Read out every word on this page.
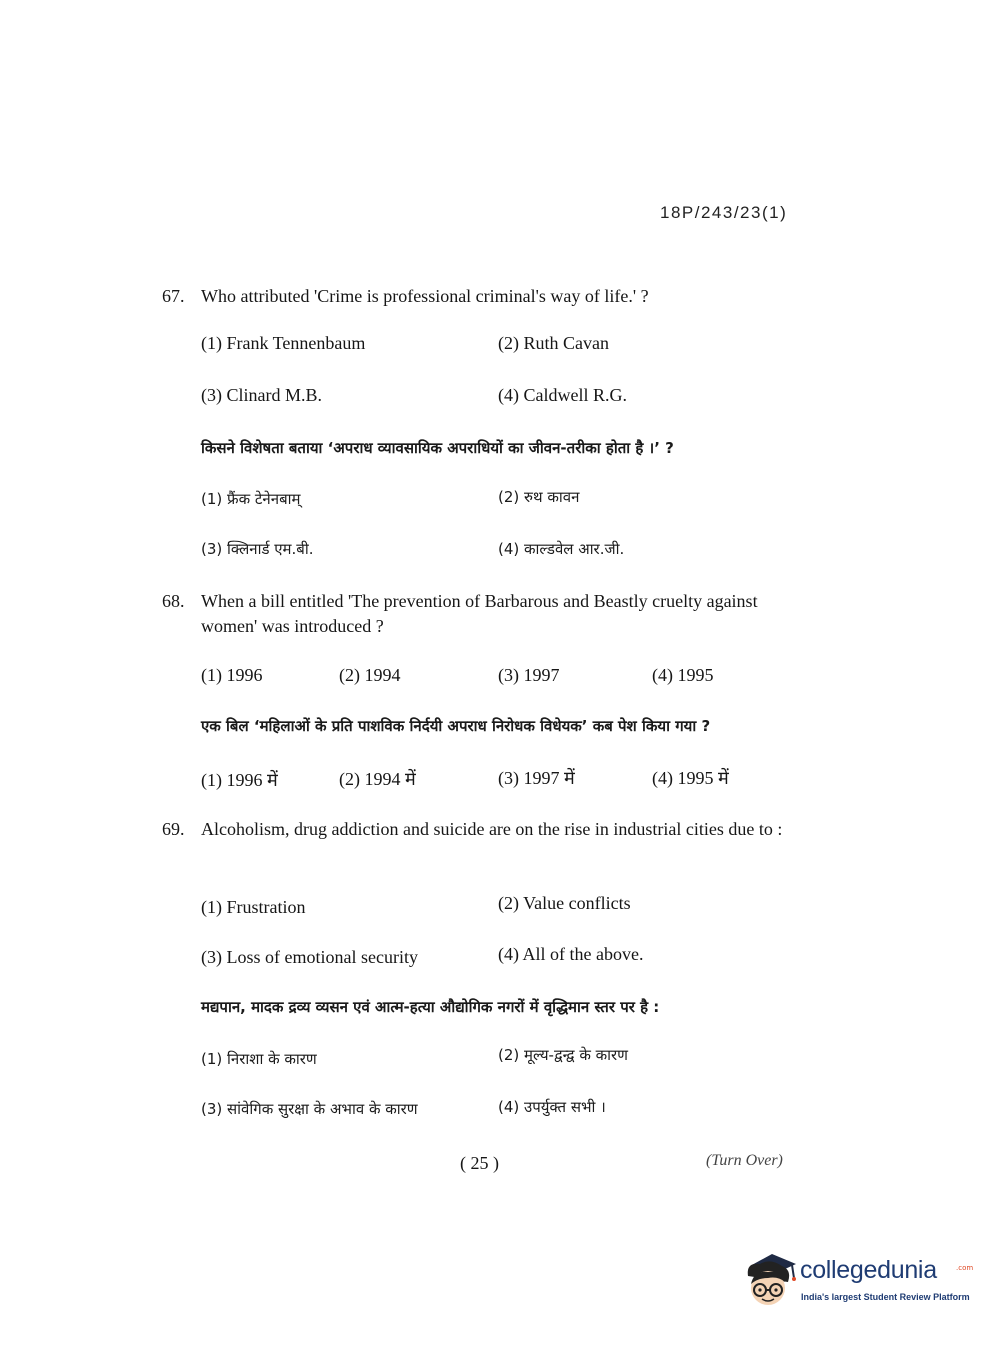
18P/243/23(1)
67. Who attributed 'Crime is professional criminal's way of life.' ?
(1) Frank Tennenbaum	(2) Ruth Cavan
(3) Clinard M.B.	(4) Caldwell R.G.
किसने विशेषता बताया ‘अपराध व्यावसायिक अपराधियों का जीवन-तरीका होता है ।’ ?
(1) फ्रैंक टेनेनबाम्	(2) रुथ कावन
(3) क्लिनार्ड एम.बी.	(4) काल्डवेल आर.जी.
68. When a bill entitled 'The prevention of Barbarous and Beastly cruelty against women' was introduced ?
(1) 1996	(2) 1994	(3) 1997	(4) 1995
एक बिल ‘महिलाओं के प्रति पाशविक निर्दयी अपराध निरोधक विधेयक’ कब पेश किया गया ?
(1) 1996 में	(2) 1994 में	(3) 1997 में	(4) 1995 में
69. Alcoholism, drug addiction and suicide are on the rise in industrial cities due to :
(1) Frustration	(2) Value conflicts
(3) Loss of emotional security	(4) All of the above.
मद्यपान, मादक द्रव्य व्यसन एवं आत्म-हत्या औद्योगिक नगरों में वृद्धिमान स्तर पर है :
(1) निराशा के कारण	(2) मूल्य-द्वन्द्व के कारण
(3) सांवेगिक सुरक्षा के अभाव के कारण	(4) उपर्युक्त सभी ।
( 25 )	(Turn Over)
collegedunia	.com
India's largest Student Review Platform
